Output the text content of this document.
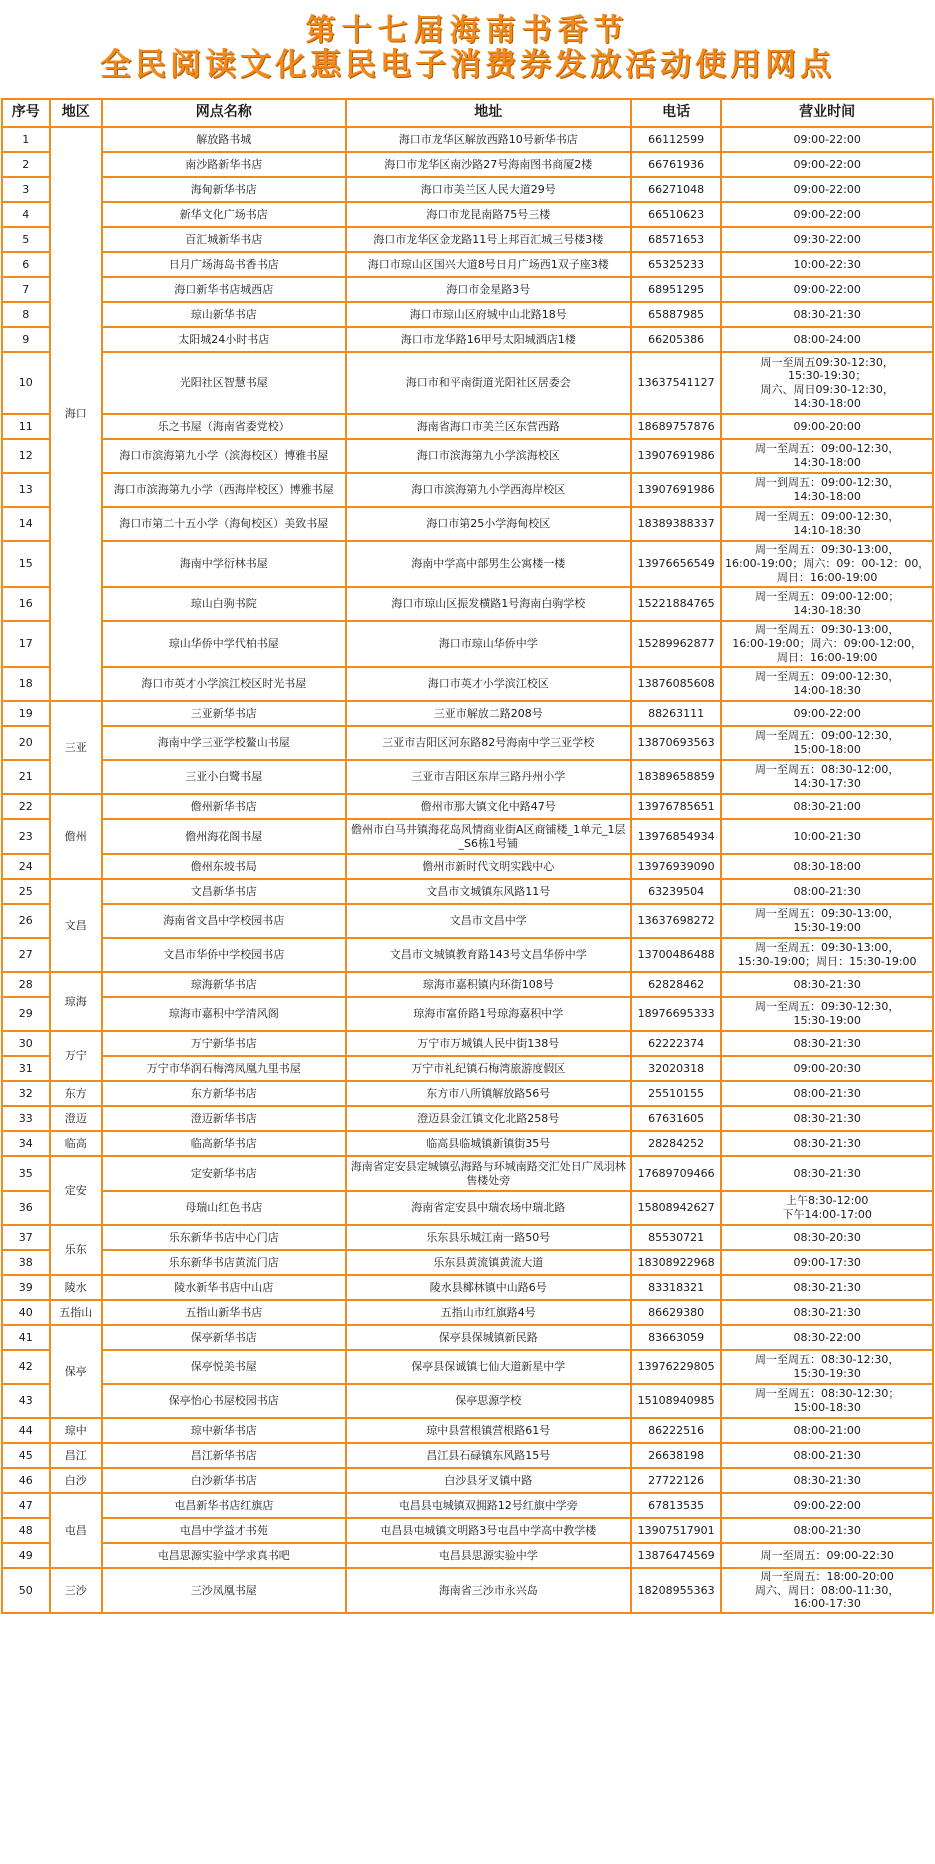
第十七届海南书香节
全民阅读文化惠民电子消费券发放活动使用网点
序号	地区	网点名称	地址	电话	营业时间
1	海口	解放路书城	海口市龙华区解放西路10号新华书店	66112599	09:00-22:00
2		南沙路新华书店	海口市龙华区南沙路27号海南图书商厦2楼	66761936	09:00-22:00
3		海甸新华书店	海口市美兰区人民大道29号	66271048	09:00-22:00
4		新华文化广场书店	海口市龙昆南路75号三楼	66510623	09:00-22:00
5		百汇城新华书店	海口市龙华区金龙路11号上邦百汇城三号楼3楼	68571653	09:30-22:00
6		日月广场海岛书香书店	海口市琼山区国兴大道8号日月广场西1双子座3楼	65325233	10:00-22:30
7		海口新华书店城西店	海口市金星路3号	68951295	09:00-22:00
8		琼山新华书店	海口市琼山区府城中山北路18号	65887985	08:30-21:30
9		太阳城24小时书店	海口市龙华路16甲号太阳城酒店1楼	66205386	08:00-24:00
10		光阳社区智慧书屋	海口市和平南街道光阳社区居委会	13637541127	周一至周五09:30-12:30，
15:30-19:30；
周六、周日09:30-12:30，
14:30-18:00
11		乐之书屋（海南省委党校）	海南省海口市美兰区东营西路	18689757876	09:00-20:00
12		海口市滨海第九小学（滨海校区）博雅书屋	海口市滨海第九小学滨海校区	13907691986	周一至周五：09:00-12:30，
14:30-18:00
13		海口市滨海第九小学（西海岸校区）博雅书屋	海口市滨海第九小学西海岸校区	13907691986	周一到周五：09:00-12:30，
14:30-18:00
14		海口市第二十五小学（海甸校区）美致书屋	海口市第25小学海甸校区	18389388337	周一至周五：09:00-12:30，
14:10-18:30
15		海南中学衍林书屋	海南中学高中部男生公寓楼一楼	13976656549	周一至周五：09:30-13:00，
16:00-19:00；周六：09：00-12：00，
周日：16:00-19:00
16		琼山白驹书院	海口市琼山区振发横路1号海南白驹学校	15221884765	周一至周五：09:00-12:00；
14:30-18:30
17		琼山华侨中学代柏书屋	海口市琼山华侨中学	15289962877	周一至周五：09:30-13:00，
16:00-19:00；周六：09:00-12:00，
周日：16:00-19:00
18		海口市英才小学滨江校区时光书屋	海口市英才小学滨江校区	13876085608	周一至周五：09:00-12:30，
14:00-18:30
19	三亚	三亚新华书店	三亚市解放二路208号	88263111	09:00-22:00
20		海南中学三亚学校鳌山书屋	三亚市吉阳区河东路82号海南中学三亚学校	13870693563	周一至周五：09:00-12:30，
15:00-18:00
21		三亚小白鹭书屋	三亚市吉阳区东岸三路丹州小学	18389658859	周一至周五：08:30-12:00，
14:30-17:30
22	儋州	儋州新华书店	儋州市那大镇文化中路47号	13976785651	08:30-21:00
23		儋州海花阁书屋	儋州市白马井镇海花岛风情商业街A区商铺楼_1单元_1层_S6栋1号铺	13976854934	10:00-21:30
24		儋州东坡书局	儋州市新时代文明实践中心	13976939090	08:30-18:00
25	文昌	文昌新华书店	文昌市文城镇东风路11号	63239504	08:00-21:30
26		海南省文昌中学校园书店	文昌市文昌中学	13637698272	周一至周五：09:30-13:00，
15:30-19:00
27		文昌市华侨中学校园书店	文昌市文城镇教育路143号文昌华侨中学	13700486488	周一至周五：09:30-13:00，
15:30-19:00；周日：15:30-19:00
28	琼海	琼海新华书店	琼海市嘉积镇内环街108号	62828462	08:30-21:30
29		琼海市嘉积中学清风阁	琼海市富侨路1号琼海嘉积中学	18976695333	周一至周五：09:30-12:30，
15:30-19:00
30	万宁	万宁新华书店	万宁市万城镇人民中街138号	62222374	08:30-21:30
31		万宁市华润石梅湾凤凰九里书屋	万宁市礼纪镇石梅湾旅游度假区	32020318	09:00-20:30
32	东方	东方新华书店	东方市八所镇解放路56号	25510155	08:00-21:30
33	澄迈	澄迈新华书店	澄迈县金江镇文化北路258号	67631605	08:30-21:30
34	临高	临高新华书店	临高县临城镇新镇街35号	28284252	08:30-21:30
35	定安	定安新华书店	海南省定安县定城镇弘海路与环城南路交汇处日广凤羽林售楼处旁	17689709466	08:30-21:30
36		母瑞山红色书店	海南省定安县中瑞农场中瑞北路	15808942627	上午8:30-12:00
下午14:00-17:00
37	乐东	乐东新华书店中心门店	乐东县乐城江南一路50号	85530721	08:30-20:30
38		乐东新华书店黄流门店	乐东县黄流镇黄流大道	18308922968	09:00-17:30
39	陵水	陵水新华书店中山店	陵水县椰林镇中山路6号	83318321	08:30-21:30
40	五指山	五指山新华书店	五指山市红旗路4号	86629380	08:30-21:30
41	保亭	保亭新华书店	保亭县保城镇新民路	83663059	08:30-22:00
42		保亭悦美书屋	保亭县保诚镇七仙大道新星中学	13976229805	周一至周五：08:30-12:30，
15:30-19:30
43		保亭怡心书屋校园书店	保亭思源学校	15108940985	周一至周五：08:30-12:30；
15:00-18:30
44	琼中	琼中新华书店	琼中县营根镇营根路61号	86222516	08:00-21:00
45	昌江	昌江新华书店	昌江县石碌镇东风路15号	26638198	08:00-21:30
46	白沙	白沙新华书店	白沙县牙叉镇中路	27722126	08:30-21:30
47	屯昌	屯昌新华书店红旗店	屯昌县屯城镇双拥路12号红旗中学旁	67813535	09:00-22:00
48		屯昌中学益才书苑	屯昌县屯城镇文明路3号屯昌中学高中教学楼	13907517901	08:00-21:30
49		屯昌思源实验中学求真书吧	屯昌县思源实验中学	13876474569	周一至周五：09:00-22:30
50	三沙	三沙凤凰书屋	海南省三沙市永兴岛	18208955363	周一至周五：18:00-20:00
周六、周日：08:00-11:30，
16:00-17:30
